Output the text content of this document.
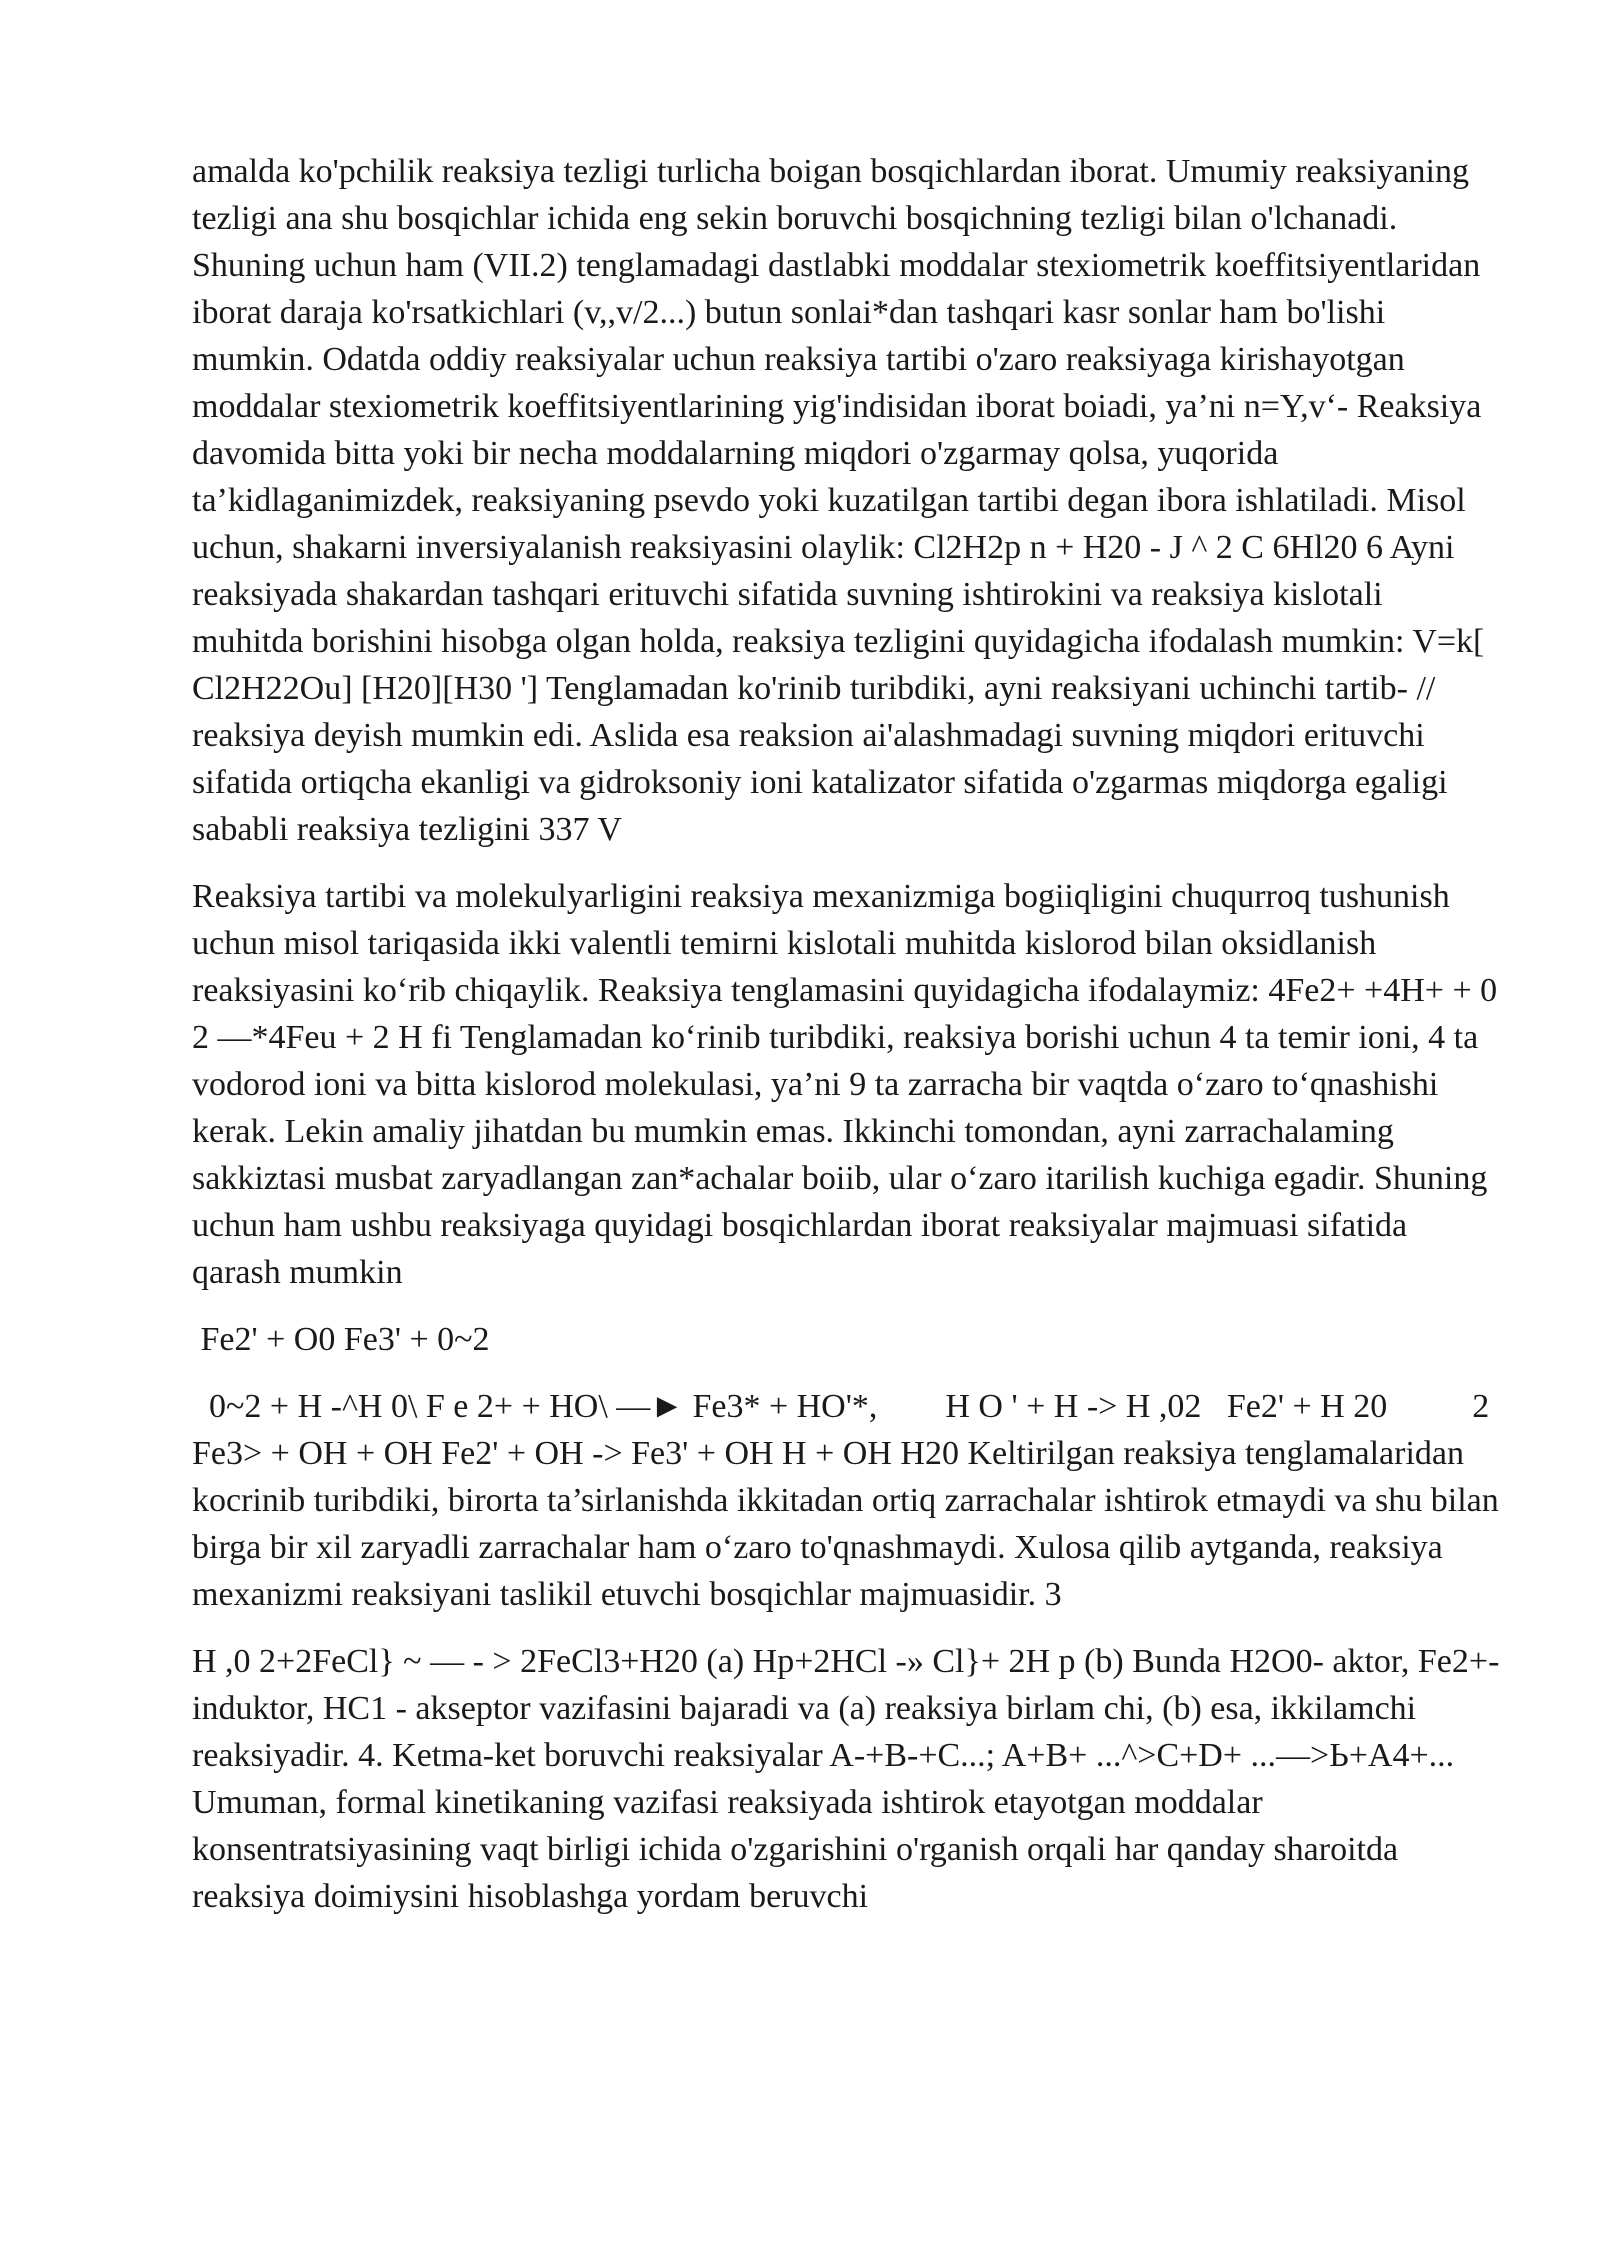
amalda ko'pchilik reaksiya tezligi turlicha boigan bosqichlardan iborat. Umumiy reaksiyaning tezligi ana shu bosqichlar ichida eng sekin boruvchi bosqichning tezligi bilan o'lchanadi. Shuning uchun ham (VII.2) tenglamadagi dastlabki moddalar stexiometrik koeffitsiyentlaridan iborat daraja ko'rsatkichlari (v,,v/2...) butun sonlai*dan tashqari kasr sonlar ham bo'lishi mumkin. Odatda oddiy reaksiyalar uchun reaksiya tartibi o'zaro reaksiyaga kirishayotgan moddalar stexiometrik koeffitsiyentlarining yig'indisidan iborat boiadi, ya’ni n=Y,v‘- Reaksiya davomida bitta yoki bir necha moddalarning miqdori o'zgarmay qolsa, yuqorida ta’kidlaganimizdek, reaksiyaning psevdo yoki kuzatilgan tartibi degan ibora ishlatiladi. Misol uchun, shakarni inversiyalanish reaksiyasini olaylik: Cl2H2p n + H20 - J ^ 2 C 6Hl20 6 Ayni reaksiyada shakardan tashqari erituvchi sifatida suvning ishtirokini va reaksiya kislotali muhitda borishini hisobga olgan holda, reaksiya tezligini quyidagicha ifodalash mumkin: V=k[ Cl2H22Ou] [H20][H30 '] Tenglamadan ko'rinib turibdiki, ayni reaksiyani uchinchi tartib- // reaksiya deyish mumkin edi. Aslida esa reaksion ai'alashmadagi suvning miqdori erituvchi sifatida ortiqcha ekanligi va gidroksoniy ioni katalizator sifatida o'zgarmas miqdorga egaligi sababli reaksiya tezligini 337 V

Reaksiya tartibi va molekulyarligini reaksiya mexanizmiga bogiiqligini chuqurroq tushunish uchun misol tariqasida ikki valentli temirni kislotali muhitda kislorod bilan oksidlanish reaksiyasini ko‘rib chiqaylik. Reaksiya tenglamasini quyidagicha ifodalaymiz: 4Fe2+ +4H+ + 0 2 —*4Feu + 2 H fi Tenglamadan ko‘rinib turibdiki, reaksiya borishi uchun 4 ta temir ioni, 4 ta vodorod ioni va bitta kislorod molekulasi, ya’ni 9 ta zarracha bir vaqtda o‘zaro to‘qnashishi kerak. Lekin amaliy jihatdan bu mumkin emas. Ikkinchi tomondan, ayni zarrachalaming sakkiztasi musbat zaryadlangan zan*achalar boiib, ular o‘zaro itarilish kuchiga egadir. Shuning uchun ham ushbu reaksiyaga quyidagi bosqichlardan iborat reaksiyalar majmuasi sifatida qarash mumkin

Fe2' + O0 Fe3' + 0~2

0~2 + H -^H 0\ F e 2+ + HO\ —► Fe3* + HO'*,        H O ' + H -> H ,02   Fe2' + H 20          2 Fe3> + OH + OH Fe2' + OH -> Fe3' + OH H + OH H20 Keltirilgan reaksiya tenglamalaridan kocrinib turibdiki, birorta ta’sirlanishda ikkitadan ortiq zarrachalar ishtirok etmaydi va shu bilan birga bir xil zaryadli zarrachalar ham o‘zaro to'qnashmaydi. Xulosa qilib aytganda, reaksiya mexanizmi reaksiyani taslikil etuvchi bosqichlar majmuasidir. 3

H ,0 2+2FeCl} ~ — - > 2FeCl3+H20 (a) Hp+2HCl -» Cl}+ 2H p (b) Bunda H2O0- aktor, Fe2+- induktor, HC1 - akseptor vazifasini bajaradi va (a) reaksiya birlam chi, (b) esa, ikkilamchi reaksiyadir. 4. Ketma-ket boruvchi reaksiyalar A-+B-+C...; A+B+ ...^>C+D+ ...—>Ь+A4+... Umuman, formal kinetikaning vazifasi reaksiyada ishtirok etayotgan moddalar konsentratsiyasining vaqt birligi ichida o'zgarishini o'rganish orqali har qanday sharoitda reaksiya doimiysini hisoblashga yordam beruvchi
